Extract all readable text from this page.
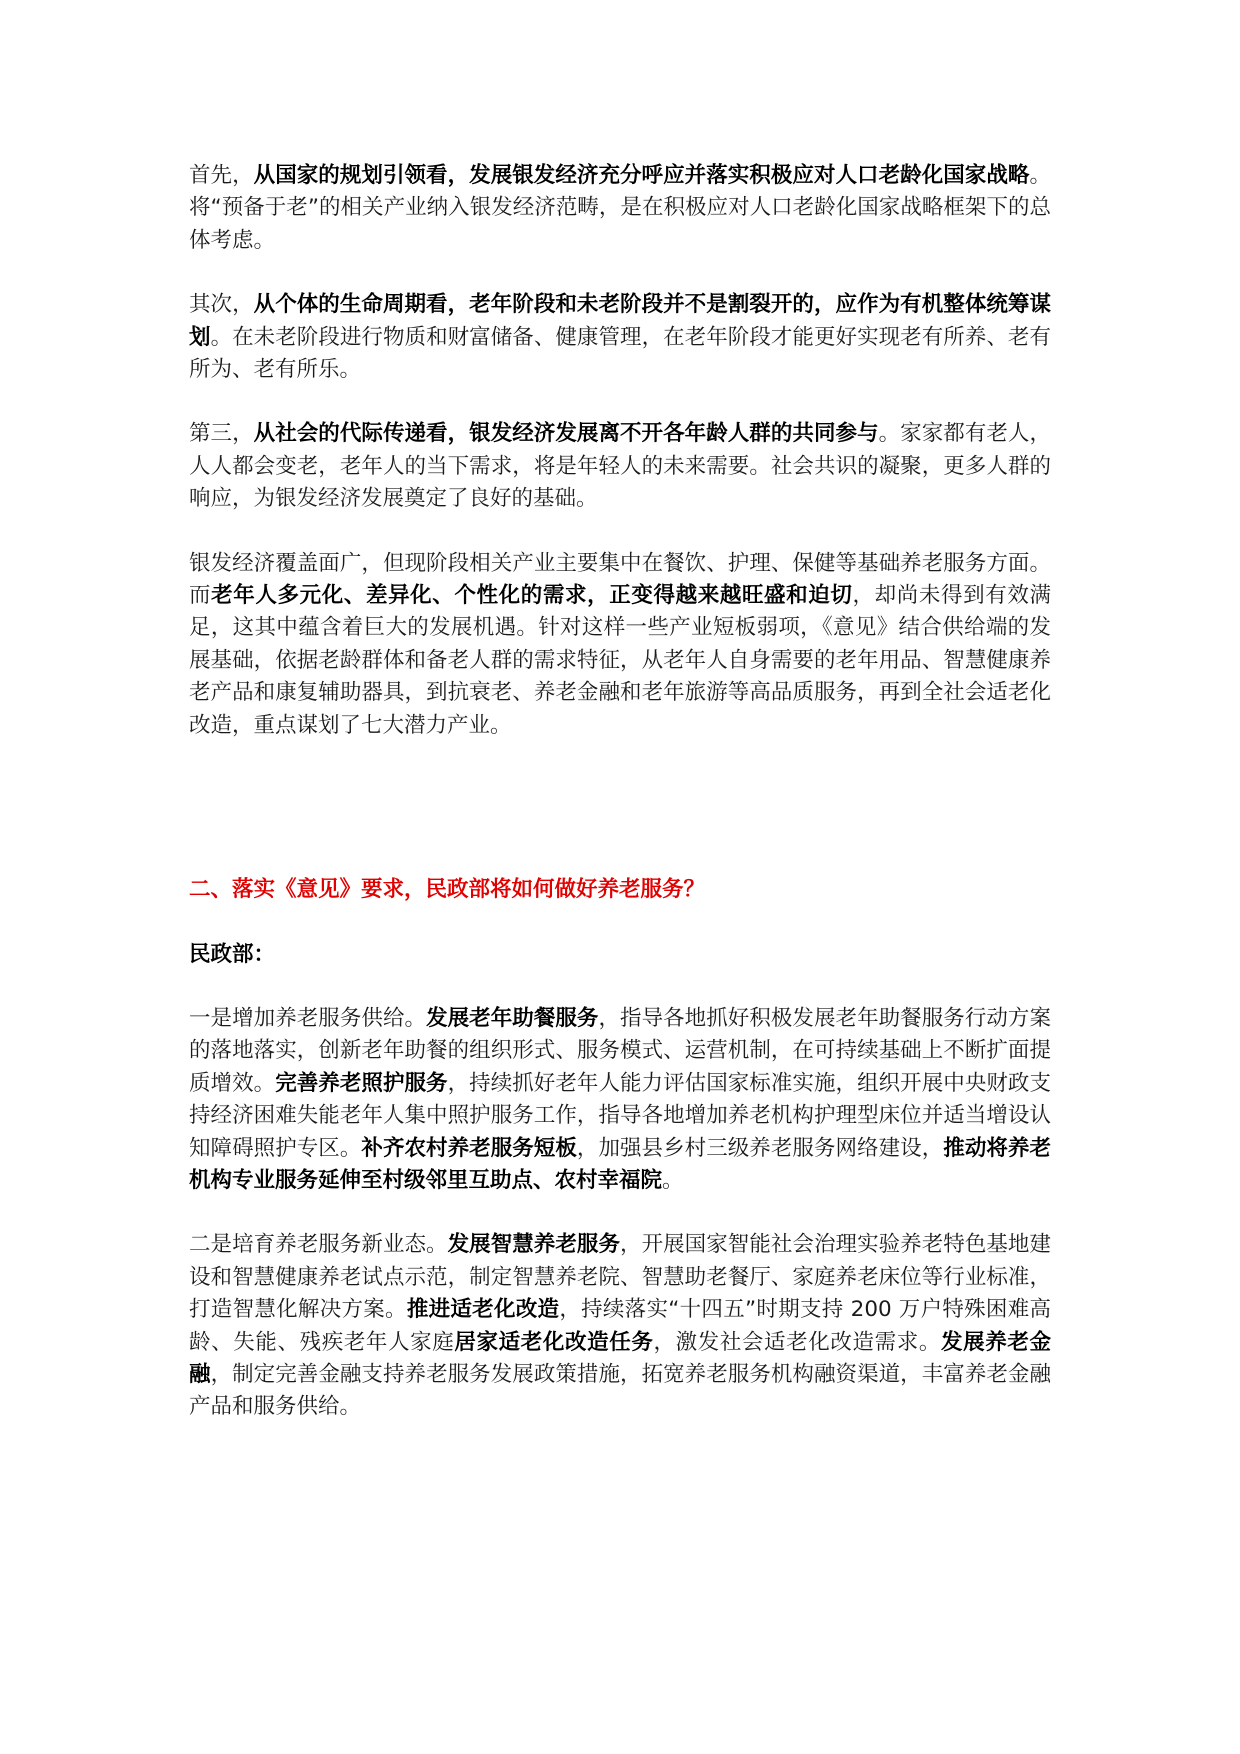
首先，从国家的规划引领看，发展银发经济充分呼应并落实积极应对人口老龄化国家战略。将“预备于老”的相关产业纳入银发经济范畴，是在积极应对人口老龄化国家战略框架下的总体考虑。

其次，从个体的生命周期看，老年阶段和未老阶段并不是割裂开的，应作为有机整体统筹谋划。在未老阶段进行物质和财富储备、健康管理，在老年阶段才能更好实现老有所养、老有所为、老有所乐。

第三，从社会的代际传递看，银发经济发展离不开各年龄人群的共同参与。家家都有老人，人人都会变老，老年人的当下需求，将是年轻人的未来需要。社会共识的凝聚，更多人群的响应，为银发经济发展奠定了良好的基础。

银发经济覆盖面广，但现阶段相关产业主要集中在餐饮、护理、保健等基础养老服务方面。而老年人多元化、差异化、个性化的需求，正变得越来越旺盛和迫切，却尚未得到有效满足，这其中蕴含着巨大的发展机遇。针对这样一些产业短板弱项，《意见》结合供给端的发展基础，依据老龄群体和备老人群的需求特征，从老年人自身需要的老年用品、智慧健康养老产品和康复辅助器具，到抗衰老、养老金融和老年旅游等高品质服务，再到全社会适老化改造，重点谋划了七大潜力产业。

二、落实《意见》要求，民政部将如何做好养老服务？

民政部：

一是增加养老服务供给。发展老年助餐服务，指导各地抓好积极发展老年助餐服务行动方案的落地落实，创新老年助餐的组织形式、服务模式、运营机制，在可持续基础上不断扩面提质增效。完善养老照护服务，持续抓好老年人能力评估国家标准实施，组织开展中央财政支持经济困难失能老年人集中照护服务工作，指导各地增加养老机构护理型床位并适当增设认知障碍照护专区。补齐农村养老服务短板，加强县乡村三级养老服务网络建设，推动将养老机构专业服务延伸至村级邻里互助点、农村幸福院。

二是培育养老服务新业态。发展智慧养老服务，开展国家智能社会治理实验养老特色基地建设和智慧健康养老试点示范，制定智慧养老院、智慧助老餐厅、家庭养老床位等行业标准，打造智慧化解决方案。推进适老化改造，持续落实“十四五”时期支持 200 万户特殊困难高龄、失能、残疾老年人家庭居家适老化改造任务，激发社会适老化改造需求。发展养老金融，制定完善金融支持养老服务发展政策措施，拓宽养老服务机构融资渠道，丰富养老金融产品和服务供给。
